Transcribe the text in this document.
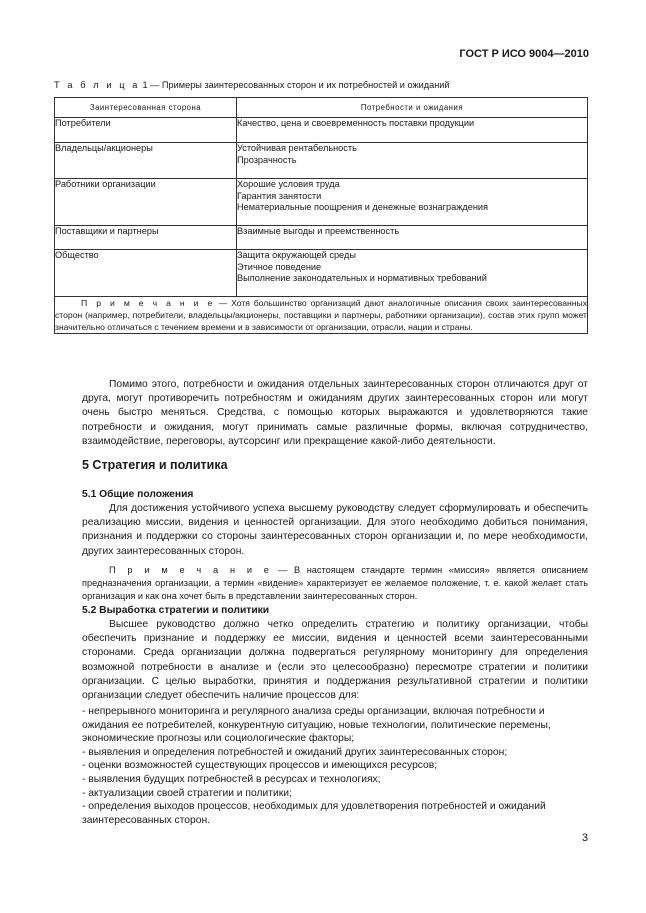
ГОСТ Р ИСО 9004—2010
Т а б л и ц а 1 — Примеры заинтересованных сторон и их потребностей и ожиданий
Заинтересованная сторона	Потребности и ожидания
Потребители	Качество, цена и своевременность поставки продукции

Владельцы/акционеры	Устойчивая рентабельность
Прозрачность

Работники организации	Хорошие условия труда
Гарантия занятости
Нематериальные поощрения и денежные вознаграждения

Поставщики и партнеры	Взаимные выгоды и преемственность

Общество	Защита окружающей среды
Этичное поведение
Выполнение законодательных и нормативных требований

П р и м е ч а н и е — Хотя большинство организаций дают аналогичные описания своих заинтересованных сторон (например, потребители, владельцы/акционеры, поставщики и партнеры, работники организации), состав этих групп может значительно отличаться с течением времени и в зависимости от организации, отрасли, нации и страны.	

Помимо этого, потребности и ожидания отдельных заинтересованных сторон отличаются друг от друга, могут противоречить потребностям и ожиданиям других заинтересованных сторон или могут очень быстро меняться. Средства, с помощью которых выражаются и удовлетворяются такие потребности и ожидания, могут принимать самые различные формы, включая сотрудничество, взаимодействие, переговоры, аутсорсинг или прекращение какой-либо деятельности.

5 Стратегия и политика
5.1 Общие положения

Для достижения устойчивого успеха высшему руководству следует сформулировать и обеспечить реализацию миссии, видения и ценностей организации. Для этого необходимо добиться понимания, признания и поддержки со стороны заинтересованных сторон организации и, по мере необходимости, других заинтересованных сторон.

П р и м е ч а н и е — В настоящем стандарте термин «миссия» является описанием предназначения организации, а термин «видение» характеризует ее желаемое положение, т. е. какой желает стать организация и как она хочет быть в представлении заинтересованных сторон.
5.2 Выработка стратегии и политики

Высшее руководство должно четко определить стратегию и политику организации, чтобы обеспечить признание и поддержку ее миссии, видения и ценностей всеми заинтересованными сторонами. Среда организации должна подвергаться регулярному мониторингу для определения возможной потребности в анализе и (если это целесообразно) пересмотре стратегии и политики организации. С целью выработки, принятия и поддержания результативной стратегии и политики организации следует обеспечить наличие процессов для:

- непрерывного мониторинга и регулярного анализа среды организации, включая потребности и ожидания ее потребителей, конкурентную ситуацию, новые технологии, политические перемены, экономические прогнозы или социологические факторы;
- выявления и определения потребностей и ожиданий других заинтересованных сторон;
- оценки возможностей существующих процессов и имеющихся ресурсов;
- выявления будущих потребностей в ресурсах и технологиях;
- актуализации своей стратегии и политики;
- определения выходов процессов, необходимых для удовлетворения потребностей и ожиданий заинтересованных сторон.
3
